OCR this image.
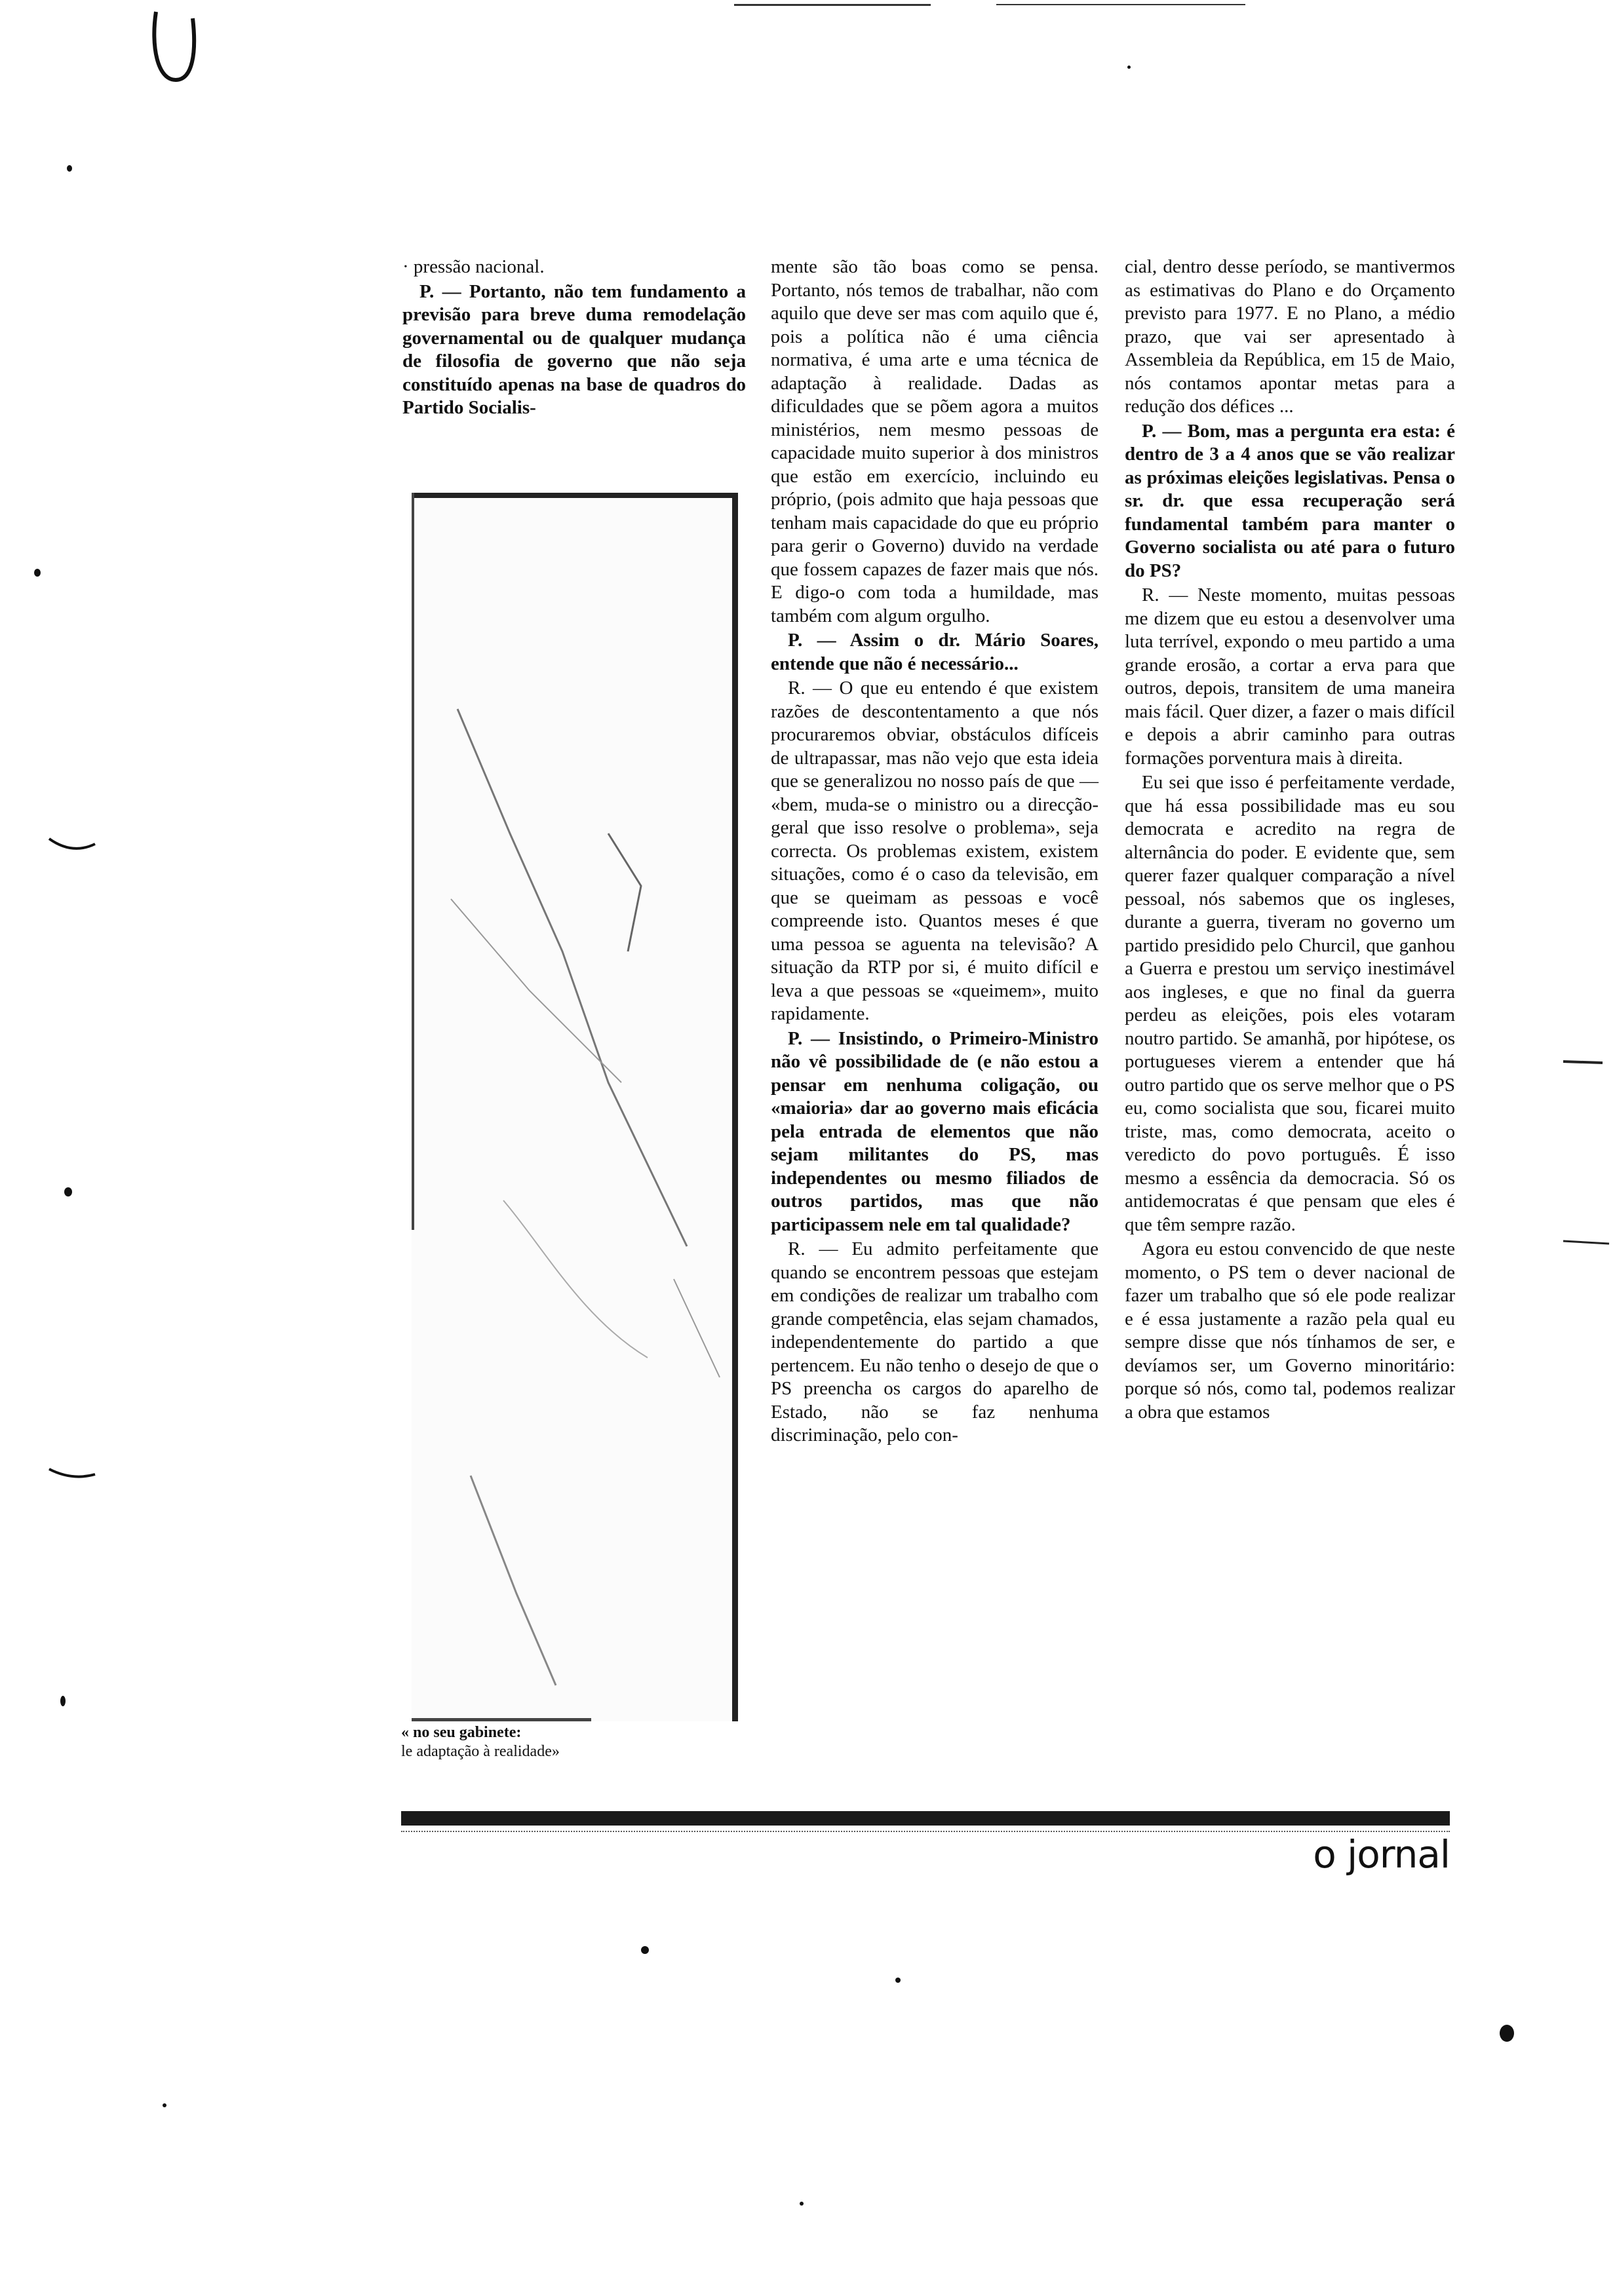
· pressão nacional.

P. — Portanto, não tem fundamento a previsão para breve duma remodelação governamental ou de qualquer mudança de filosofia de governo que não seja constituído apenas na base de quadros do Partido Socialis-

« no seu gabinete:
le adaptação à realidade»

mente são tão boas como se pensa. Portanto, nós temos de trabalhar, não com aquilo que deve ser mas com aquilo que é, pois a política não é uma ciência normativa, é uma arte e uma técnica de adaptação à realidade. Dadas as dificuldades que se põem agora a muitos ministérios, nem mesmo pessoas de capacidade muito superior à dos ministros que estão em exercício, incluindo eu próprio, (pois admito que haja pessoas que tenham mais capacidade do que eu próprio para gerir o Governo) duvido na verdade que fossem capazes de fazer mais que nós. E digo-o com toda a humildade, mas também com algum orgulho.

P. — Assim o dr. Mário Soares, entende que não é necessário...

R. — O que eu entendo é que existem razões de descontentamento a que nós procuraremos obviar, obstáculos difíceis de ultrapassar, mas não vejo que esta ideia que se generalizou no nosso país de que — «bem, muda-se o ministro ou a direcção-geral que isso resolve o problema», seja correcta. Os problemas existem, existem situações, como é o caso da televisão, em que se queimam as pessoas e você compreende isto. Quantos meses é que uma pessoa se aguenta na televisão? A situação da RTP por si, é muito difícil e leva a que pessoas se «queimem», muito rapidamente.

P. — Insistindo, o Primeiro-Ministro não vê possibilidade de (e não estou a pensar em nenhuma coligação, ou «maioria» dar ao governo mais eficácia pela entrada de elementos que não sejam militantes do PS, mas independentes ou mesmo filiados de outros partidos, mas que não participassem nele em tal qualidade?

R. — Eu admito perfeitamente que quando se encontrem pessoas que estejam em condições de realizar um trabalho com grande competência, elas sejam chamados, independentemente do partido a que pertencem. Eu não tenho o desejo de que o PS preencha os cargos do aparelho de Estado, não se faz nenhuma discriminação, pelo con-

cial, dentro desse período, se mantivermos as estimativas do Plano e do Orçamento previsto para 1977. E no Plano, a médio prazo, que vai ser apresentado à Assembleia da República, em 15 de Maio, nós contamos apontar metas para a redução dos défices ...

P. — Bom, mas a pergunta era esta: é dentro de 3 a 4 anos que se vão realizar as próximas eleições legislativas. Pensa o sr. dr. que essa recuperação será fundamental também para manter o Governo socialista ou até para o futuro do PS?

R. — Neste momento, muitas pessoas me dizem que eu estou a desenvolver uma luta terrível, expondo o meu partido a uma grande erosão, a cortar a erva para que outros, depois, transitem de uma maneira mais fácil. Quer dizer, a fazer o mais difícil e depois a abrir caminho para outras formações porventura mais à direita.

Eu sei que isso é perfeitamente verdade, que há essa possibilidade mas eu sou democrata e acredito na regra de alternância do poder. E evidente que, sem querer fazer qualquer comparação a nível pessoal, nós sabemos que os ingleses, durante a guerra, tiveram no governo um partido presidido pelo Churcil, que ganhou a Guerra e prestou um serviço inestimável aos ingleses, e que no final da guerra perdeu as eleições, pois eles votaram noutro partido. Se amanhã, por hipótese, os portugueses vierem a entender que há outro partido que os serve melhor que o PS eu, como socialista que sou, ficarei muito triste, mas, como democrata, aceito o veredicto do povo português. É isso mesmo a essência da democracia. Só os antidemocratas é que pensam que eles é que têm sempre razão.

Agora eu estou convencido de que neste momento, o PS tem o dever nacional de fazer um trabalho que só ele pode realizar e é essa justamente a razão pela qual eu sempre disse que nós tínhamos de ser, e devíamos ser, um Governo minoritário: porque só nós, como tal, podemos realizar a obra que estamos

o jornal
